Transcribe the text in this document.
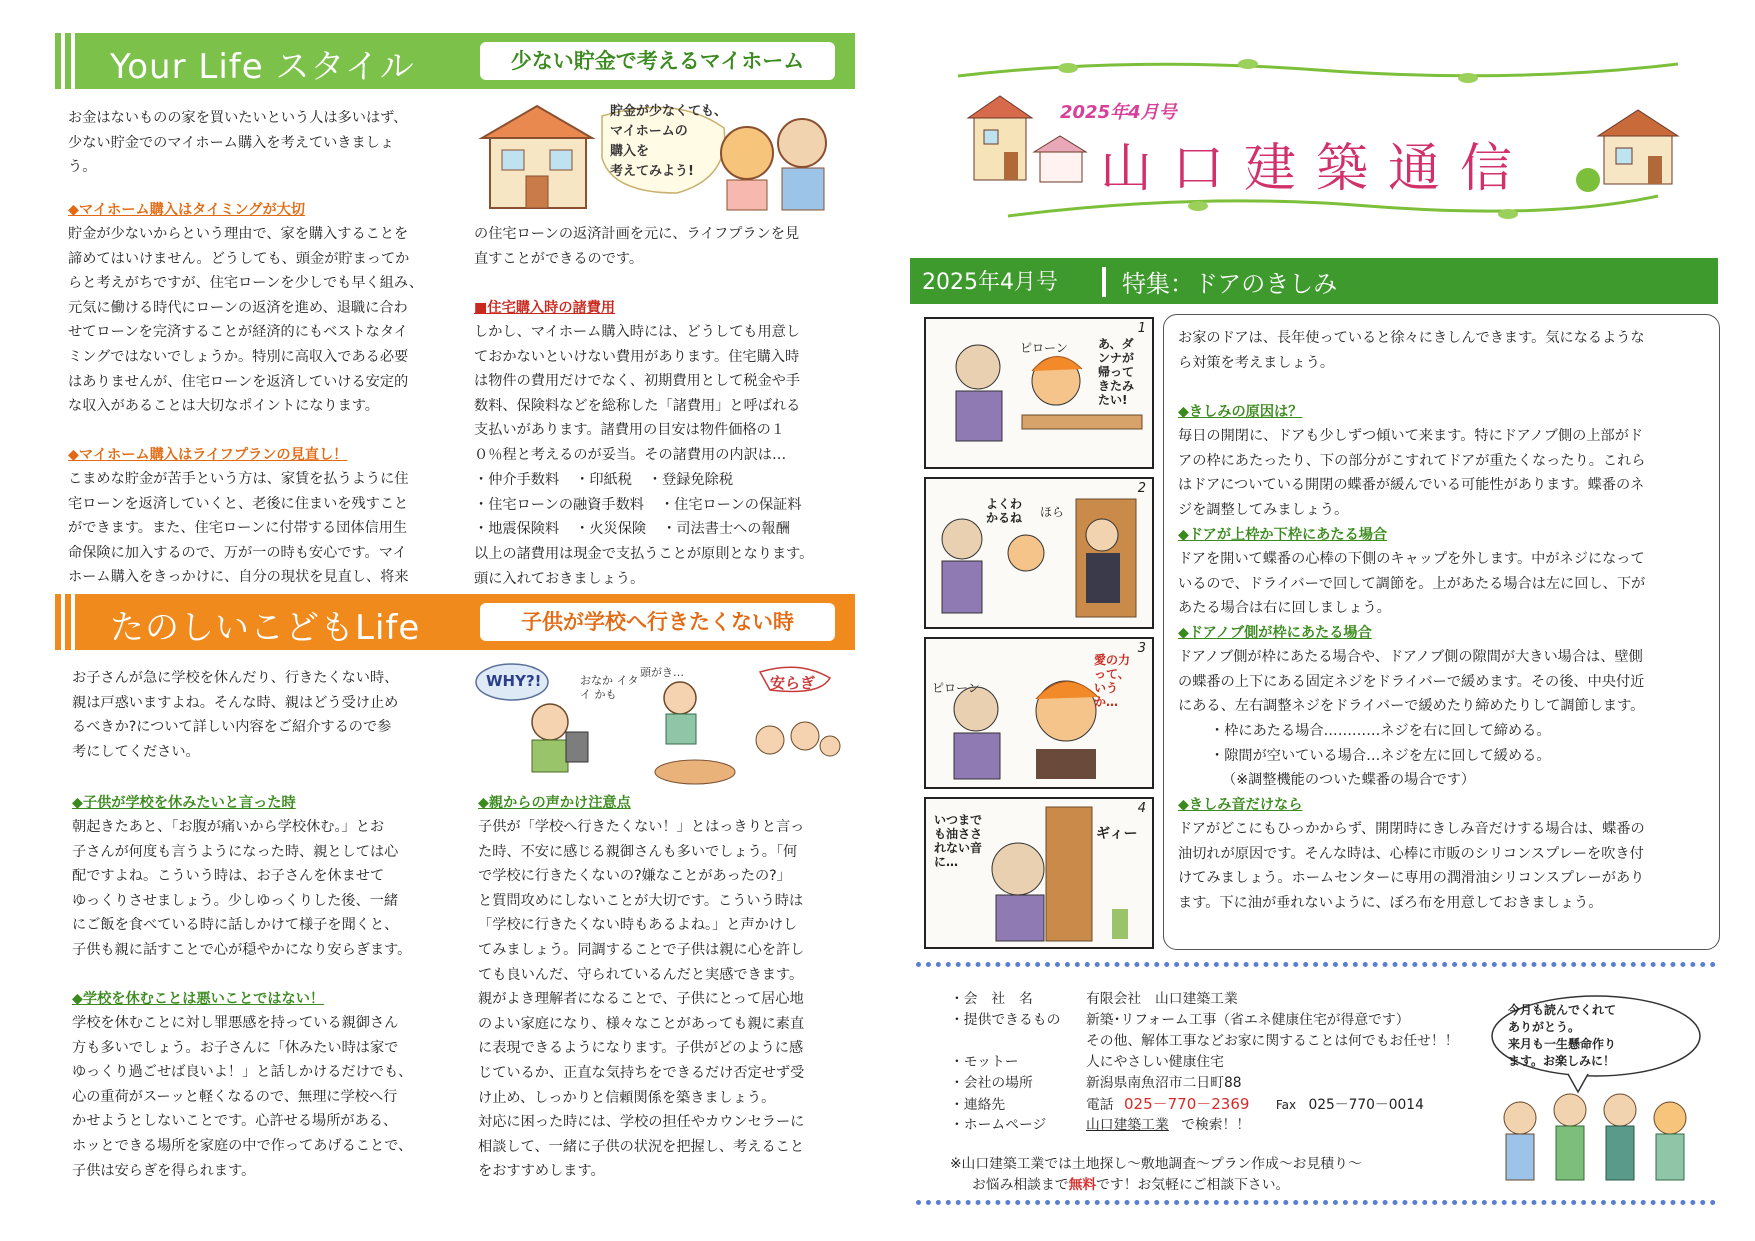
Your Life スタイル	少ない貯金で考えるマイホーム

お金はないものの家を買いたいという人は多いはず、
少ない貯金でのマイホーム購入を考えていきましょ
う。

貯金が少なくても、
マイホームの
購入を
考えてみよう!

◆マイホーム購入はタイミングが大切

貯金が少ないからという理由で、家を購入することを
諦めてはいけません。どうしても、頭金が貯まってか
らと考えがちですが、住宅ローンを少しでも早く組み、
元気に働ける時代にローンの返済を進め、退職に合わ
せてローンを完済することが経済的にもベストなタイ
ミングではないでしょうか。特別に高収入である必要
はありませんが、住宅ローンを返済していける安定的
な収入があることは大切なポイントになります。

◆マイホーム購入はライフプランの見直し！

こまめな貯金が苦手という方は、家賃を払うように住
宅ローンを返済していくと、老後に住まいを残すこと
ができます。また、住宅ローンに付帯する団体信用生
命保険に加入するので、万が一の時も安心です。マイ
ホーム購入をきっかけに、自分の現状を見直し、将来

の住宅ローンの返済計画を元に、ライフプランを見
直すことができるのです。

■住宅購入時の諸費用

しかし、マイホーム購入時には、どうしても用意し
ておかないといけない費用があります。住宅購入時
は物件の費用だけでなく、初期費用として税金や手
数料、保険料などを総称した「諸費用」と呼ばれる
支払いがあります。諸費用の目安は物件価格の１
０％程と考えるのが妥当。その諸費用の内訳は…

・仲介手数料 ・印紙税 ・登録免除税
・住宅ローンの融資手数料 ・住宅ローンの保証料
・地震保険料 ・火災保険 ・司法書士への報酬

以上の諸費用は現金で支払うことが原則となります。
頭に入れておきましょう。

たのしいこどもLife	子供が学校へ行きたくない時

お子さんが急に学校を休んだり、行きたくない時、
親は戸惑いますよね。そんな時、親はどう受け止め
るべきか?について詳しい内容をご紹介するので参
考にしてください。

WHY?!	おなか イタイ かも
頭がき…
安らぎ

◆子供が学校を休みたいと言った時

朝起きたあと、「お腹が痛いから学校休む。」とお
子さんが何度も言うようになった時、親としては心
配ですよね。こういう時は、お子さんを休ませて
ゆっくりさせましょう。少しゆっくりした後、一緒
にご飯を食べている時に話しかけて様子を聞くと、
子供も親に話すことで心が穏やかになり安らぎます。

◆学校を休むことは悪いことではない！

学校を休むことに対し罪悪感を持っている親御さん
方も多いでしょう。お子さんに「休みたい時は家で
ゆっくり過ごせば良いよ！」と話しかけるだけでも、
心の重荷がスーッと軽くなるので、無理に学校へ行
かせようとしないことです。心許せる場所がある、
ホッとできる場所を家庭の中で作ってあげることで、
子供は安らぎを得られます。

◆親からの声かけ注意点

子供が「学校へ行きたくない！」とはっきりと言っ
た時、不安に感じる親御さんも多いでしょう。「何
で学校に行きたくないの?嫌なことがあったの?」
と質問攻めにしないことが大切です。こういう時は
「学校に行きたくない時もあるよね。」と声かけし
てみましょう。同調することで子供は親に心を許し
ても良いんだ、守られているんだと実感できます。
親がよき理解者になることで、子供にとって居心地
のよい家庭になり、様々なことがあっても親に素直
に表現できるようになります。子供がどのように感
じているか、正直な気持ちをできるだけ否定せず受
け止め、しっかりと信頼関係を築きましょう。
対応に困った時には、学校の担任やカウンセラーに
相談して、一緒に子供の状況を把握し、考えること
をおすすめします。

2025年4月号
山口建築通信
2025年4月号	特集：ドアのきしみ
1
あ、ダンナが帰ってきたみたい!
ピローン
2
よくわかるね	ほら
3
愛の力って、いうか…
ピローン
4
いつまでも油さされない音に…
ギィー

お家のドアは、長年使っていると徐々にきしんできます。気になるような
ら対策を考えましょう。

◆きしみの原因は？

毎日の開閉に、ドアも少しずつ傾いて来ます。特にドアノブ側の上部がド
アの枠にあたったり、下の部分がこすれてドアが重たくなったり。これら
はドアについている開閉の蝶番が緩んでいる可能性があります。蝶番のネ
ジを調整してみましょう。

◆ドアが上枠か下枠にあたる場合

ドアを開いて蝶番の心棒の下側のキャップを外します。中がネジになって
いるので、ドライバーで回して調節を。上があたる場合は左に回し、下が
あたる場合は右に回しましょう。

◆ドアノブ側が枠にあたる場合

ドアノブ側が枠にあたる場合や、ドアノブ側の隙間が大きい場合は、壁側
の蝶番の上下にある固定ネジをドライバーで緩めます。その後、中央付近
にある、左右調整ネジをドライバーで緩めたり締めたりして調節します。

・枠にあたる場合…………ネジを右に回して締める。
・隙間が空いている場合…ネジを左に回して緩める。
（※調整機能のついた蝶番の場合です）

◆きしみ音だけなら

ドアがどこにもひっかからず、開閉時にきしみ音だけする場合は、蝶番の
油切れが原因です。そんな時は、心棒に市販のシリコンスプレーを吹き付
けてみましょう。ホームセンターに専用の潤滑油シリコンスプレーがあり
ます。下に油が垂れないように、ぼろ布を用意しておきましょう。

・会　社　名	有限会社　山口建築工業
・提供できるもの 新築･リフォーム工事（省エネ健康住宅が得意です）
その他、解体工事などお家に関することは何でもお任せ！！
・モットー	人にやさしい健康住宅
・会社の場所	新潟県南魚沼市二日町88
・連絡先	電話 025－770－2369 Fax 025－770－0014
・ホームページ	山口建築工業 で検索！！
※山口建築工業では土地探し～敷地調査～プラン作成～お見積り～
お悩み相談まで無料です！お気軽にご相談下さい。

今月も読んでくれて
ありがとう。
来月も一生懸命作り
ます。お楽しみに！
